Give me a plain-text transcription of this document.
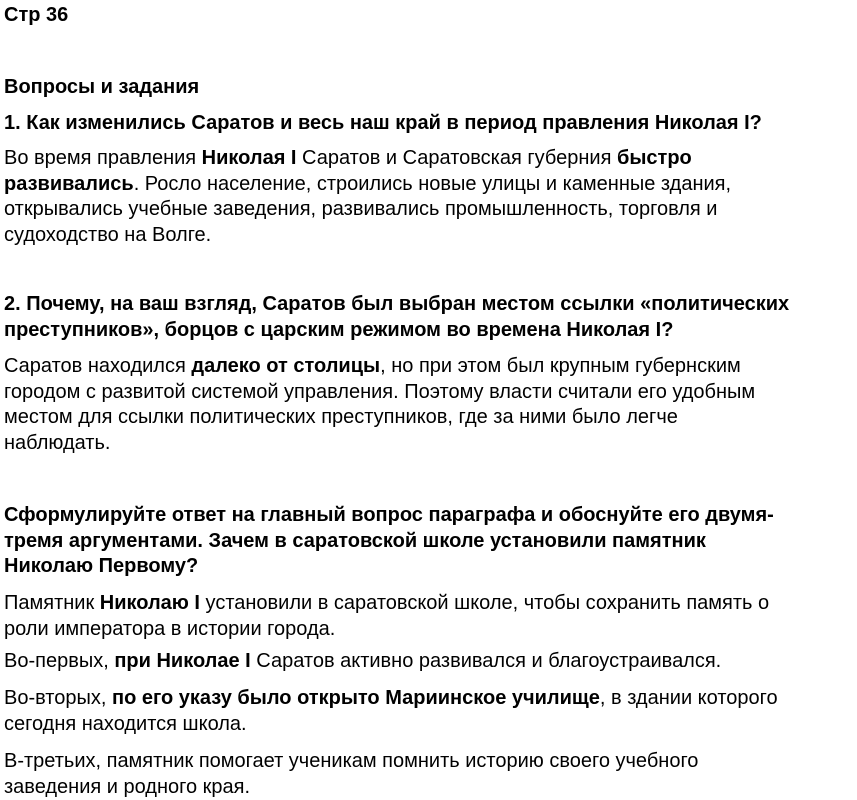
Стр 36

Вопросы и задания

1. Как изменились Саратов и весь наш край в период правления Николая I?

Во время правления Николая I Саратов и Саратовская губерния быстро

развивались. Росло население, строились новые улицы и каменные здания,

открывались учебные заведения, развивались промышленность, торговля и

судоходство на Волге.

2. Почему, на ваш взгляд, Саратов был выбран местом ссылки «политических

преступников», борцов с царским режимом во времена Николая I?

Саратов находился далеко от столицы, но при этом был крупным губернским

городом с развитой системой управления. Поэтому власти считали его удобным

местом для ссылки политических преступников, где за ними было легче

наблюдать.

Сформулируйте ответ на главный вопрос параграфа и обоснуйте его двумя-

тремя аргументами. Зачем в саратовской школе установили памятник

Николаю Первому?

Памятник Николаю I установили в саратовской школе, чтобы сохранить память о

роли императора в истории города.

Во-первых, при Николае I Саратов активно развивался и благоустраивался.

Во-вторых, по его указу было открыто Мариинское училище, в здании которого

сегодня находится школа.

В-третьих, памятник помогает ученикам помнить историю своего учебного

заведения и родного края.
